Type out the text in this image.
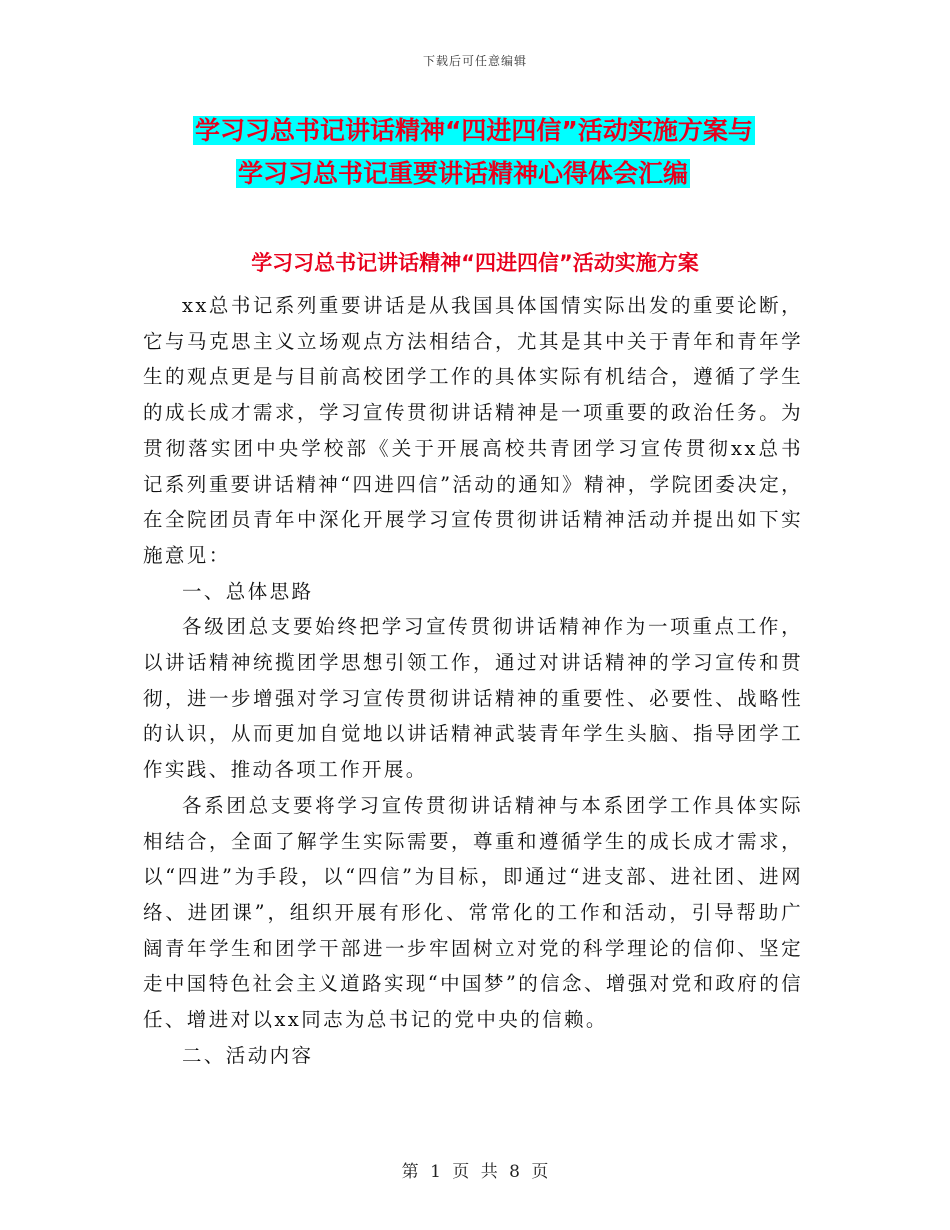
下载后可任意编辑
学习习总书记讲话精神“四进四信”活动实施方案与
学习习总书记重要讲话精神心得体会汇编
学习习总书记讲话精神“四进四信”活动实施方案

xx总书记系列重要讲话是从我国具体国情实际出发的重要论断，它与马克思主义立场观点方法相结合，尤其是其中关于青年和青年学生的观点更是与目前高校团学工作的具体实际有机结合，遵循了学生的成长成才需求，学习宣传贯彻讲话精神是一项重要的政治任务。为贯彻落实团中央学校部《关于开展高校共青团学习宣传贯彻xx总书记系列重要讲话精神“四进四信”活动的通知》精神，学院团委决定，在全院团员青年中深化开展学习宣传贯彻讲话精神活动并提出如下实施意见：

一、总体思路

各级团总支要始终把学习宣传贯彻讲话精神作为一项重点工作，以讲话精神统揽团学思想引领工作，通过对讲话精神的学习宣传和贯彻，进一步增强对学习宣传贯彻讲话精神的重要性、必要性、战略性的认识，从而更加自觉地以讲话精神武装青年学生头脑、指导团学工作实践、推动各项工作开展。

各系团总支要将学习宣传贯彻讲话精神与本系团学工作具体实际相结合，全面了解学生实际需要，尊重和遵循学生的成长成才需求，以“四进”为手段，以“四信”为目标，即通过“进支部、进社团、进网络、进团课”，组织开展有形化、常常化的工作和活动，引导帮助广阔青年学生和团学干部进一步牢固树立对党的科学理论的信仰、坚定走中国特色社会主义道路实现“中国梦”的信念、增强对党和政府的信任、增进对以xx同志为总书记的党中央的信赖。

二、活动内容

第 1 页 共 8 页
